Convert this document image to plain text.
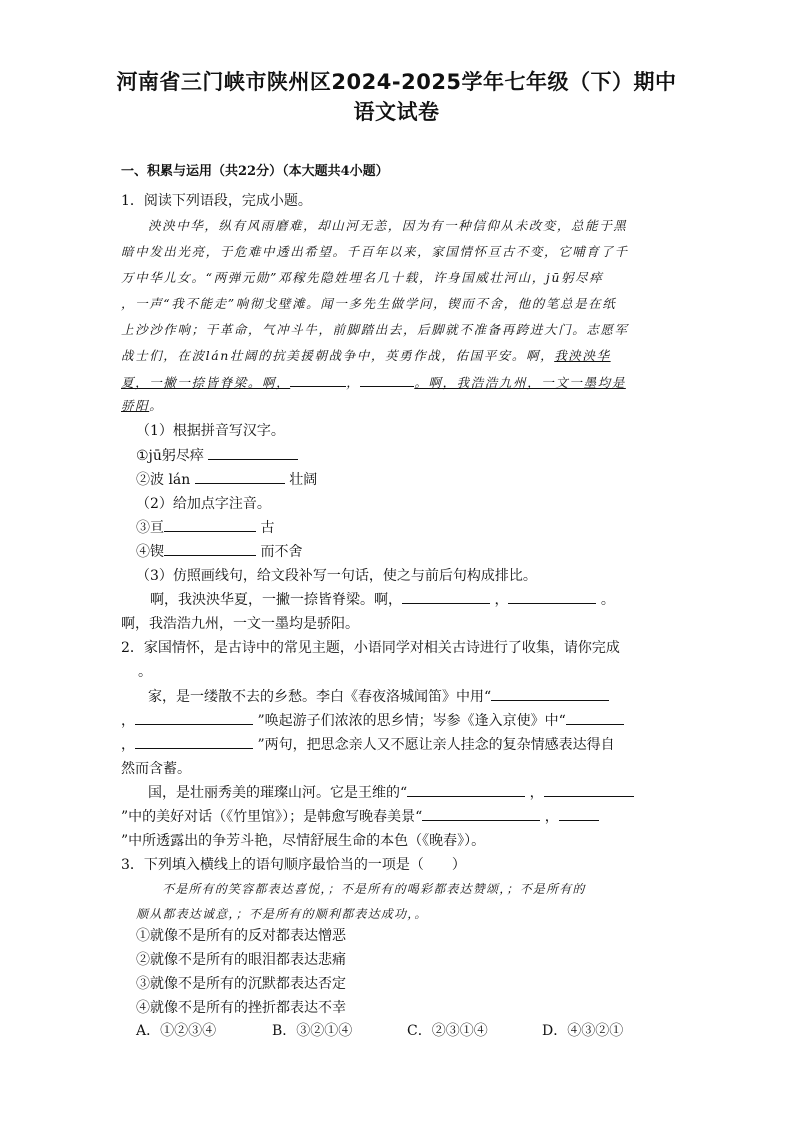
河南省三门峡市陕州区2024-2025学年七年级（下）期中
语文试卷
一、积累与运用（共22分）（本大题共4小题）
1．阅读下列语段，完成小题。
泱泱中华，纵有风雨磨难，却山河无恙，因为有一种信仰从未改变，总能于黑
暗中发出光亮，于危难中透出希望。千百年以来，家国情怀亘古不变，它哺育了千
万中华儿女。“两弹元勋”邓稼先隐姓埋名几十载，许身国威壮河山，jū躬尽瘁
，一声“我不能走”响彻戈壁滩。闻一多先生做学问，锲而不舍，他的笔总是在纸
上沙沙作响；干革命，气冲斗牛，前脚踏出去，后脚就不准备再跨进大门。志愿军
战士们，在波lán壮阔的抗美援朝战争中，英勇作战，佑国平安。啊，我泱泱华
夏，一撇一捺皆脊梁。啊，	，	。啊，我浩浩九州，一文一墨均是
骄阳。
（1）根据拼音写汉字。
①jū躬尽瘁
②波 lán	壮阔
（2）给加点字注音。
③亘	古
④锲	而不舍
（3）仿照画线句，给文段补写一句话，使之与前后句构成排比。
啊，我泱泱华夏，一撇一捺皆脊梁。啊，	，	。
啊，我浩浩九州，一文一墨均是骄阳。
2．家国情怀，是古诗中的常见主题，小语同学对相关古诗进行了收集，请你完成
。
家，是一缕散不去的乡愁。李白《春夜洛城闻笛》中用“
，	”唤起游子们浓浓的思乡情；岑参《逢入京使》中“
，	”两句，把思念亲人又不愿让亲人挂念的复杂情感表达得自
然而含蓄。
国，是壮丽秀美的璀璨山河。它是王维的“	，
”中的美好对话（《竹里馆》）；是韩愈写晚春美景“	，
”中所透露出的争芳斗艳，尽情舒展生命的本色（《晚春》）。
3．下列填入横线上的语句顺序最恰当的一项是（　　）
不是所有的笑容都表达喜悦，；不是所有的喝彩都表达赞颂，；不是所有的
顺从都表达诚意，；不是所有的顺利都表达成功，。
①就像不是所有的反对都表达憎恶
②就像不是所有的眼泪都表达悲痛
③就像不是所有的沉默都表达否定
④就像不是所有的挫折都表达不幸
A．①②③④	B．③②①④	C．②③①④	D．④③②①
